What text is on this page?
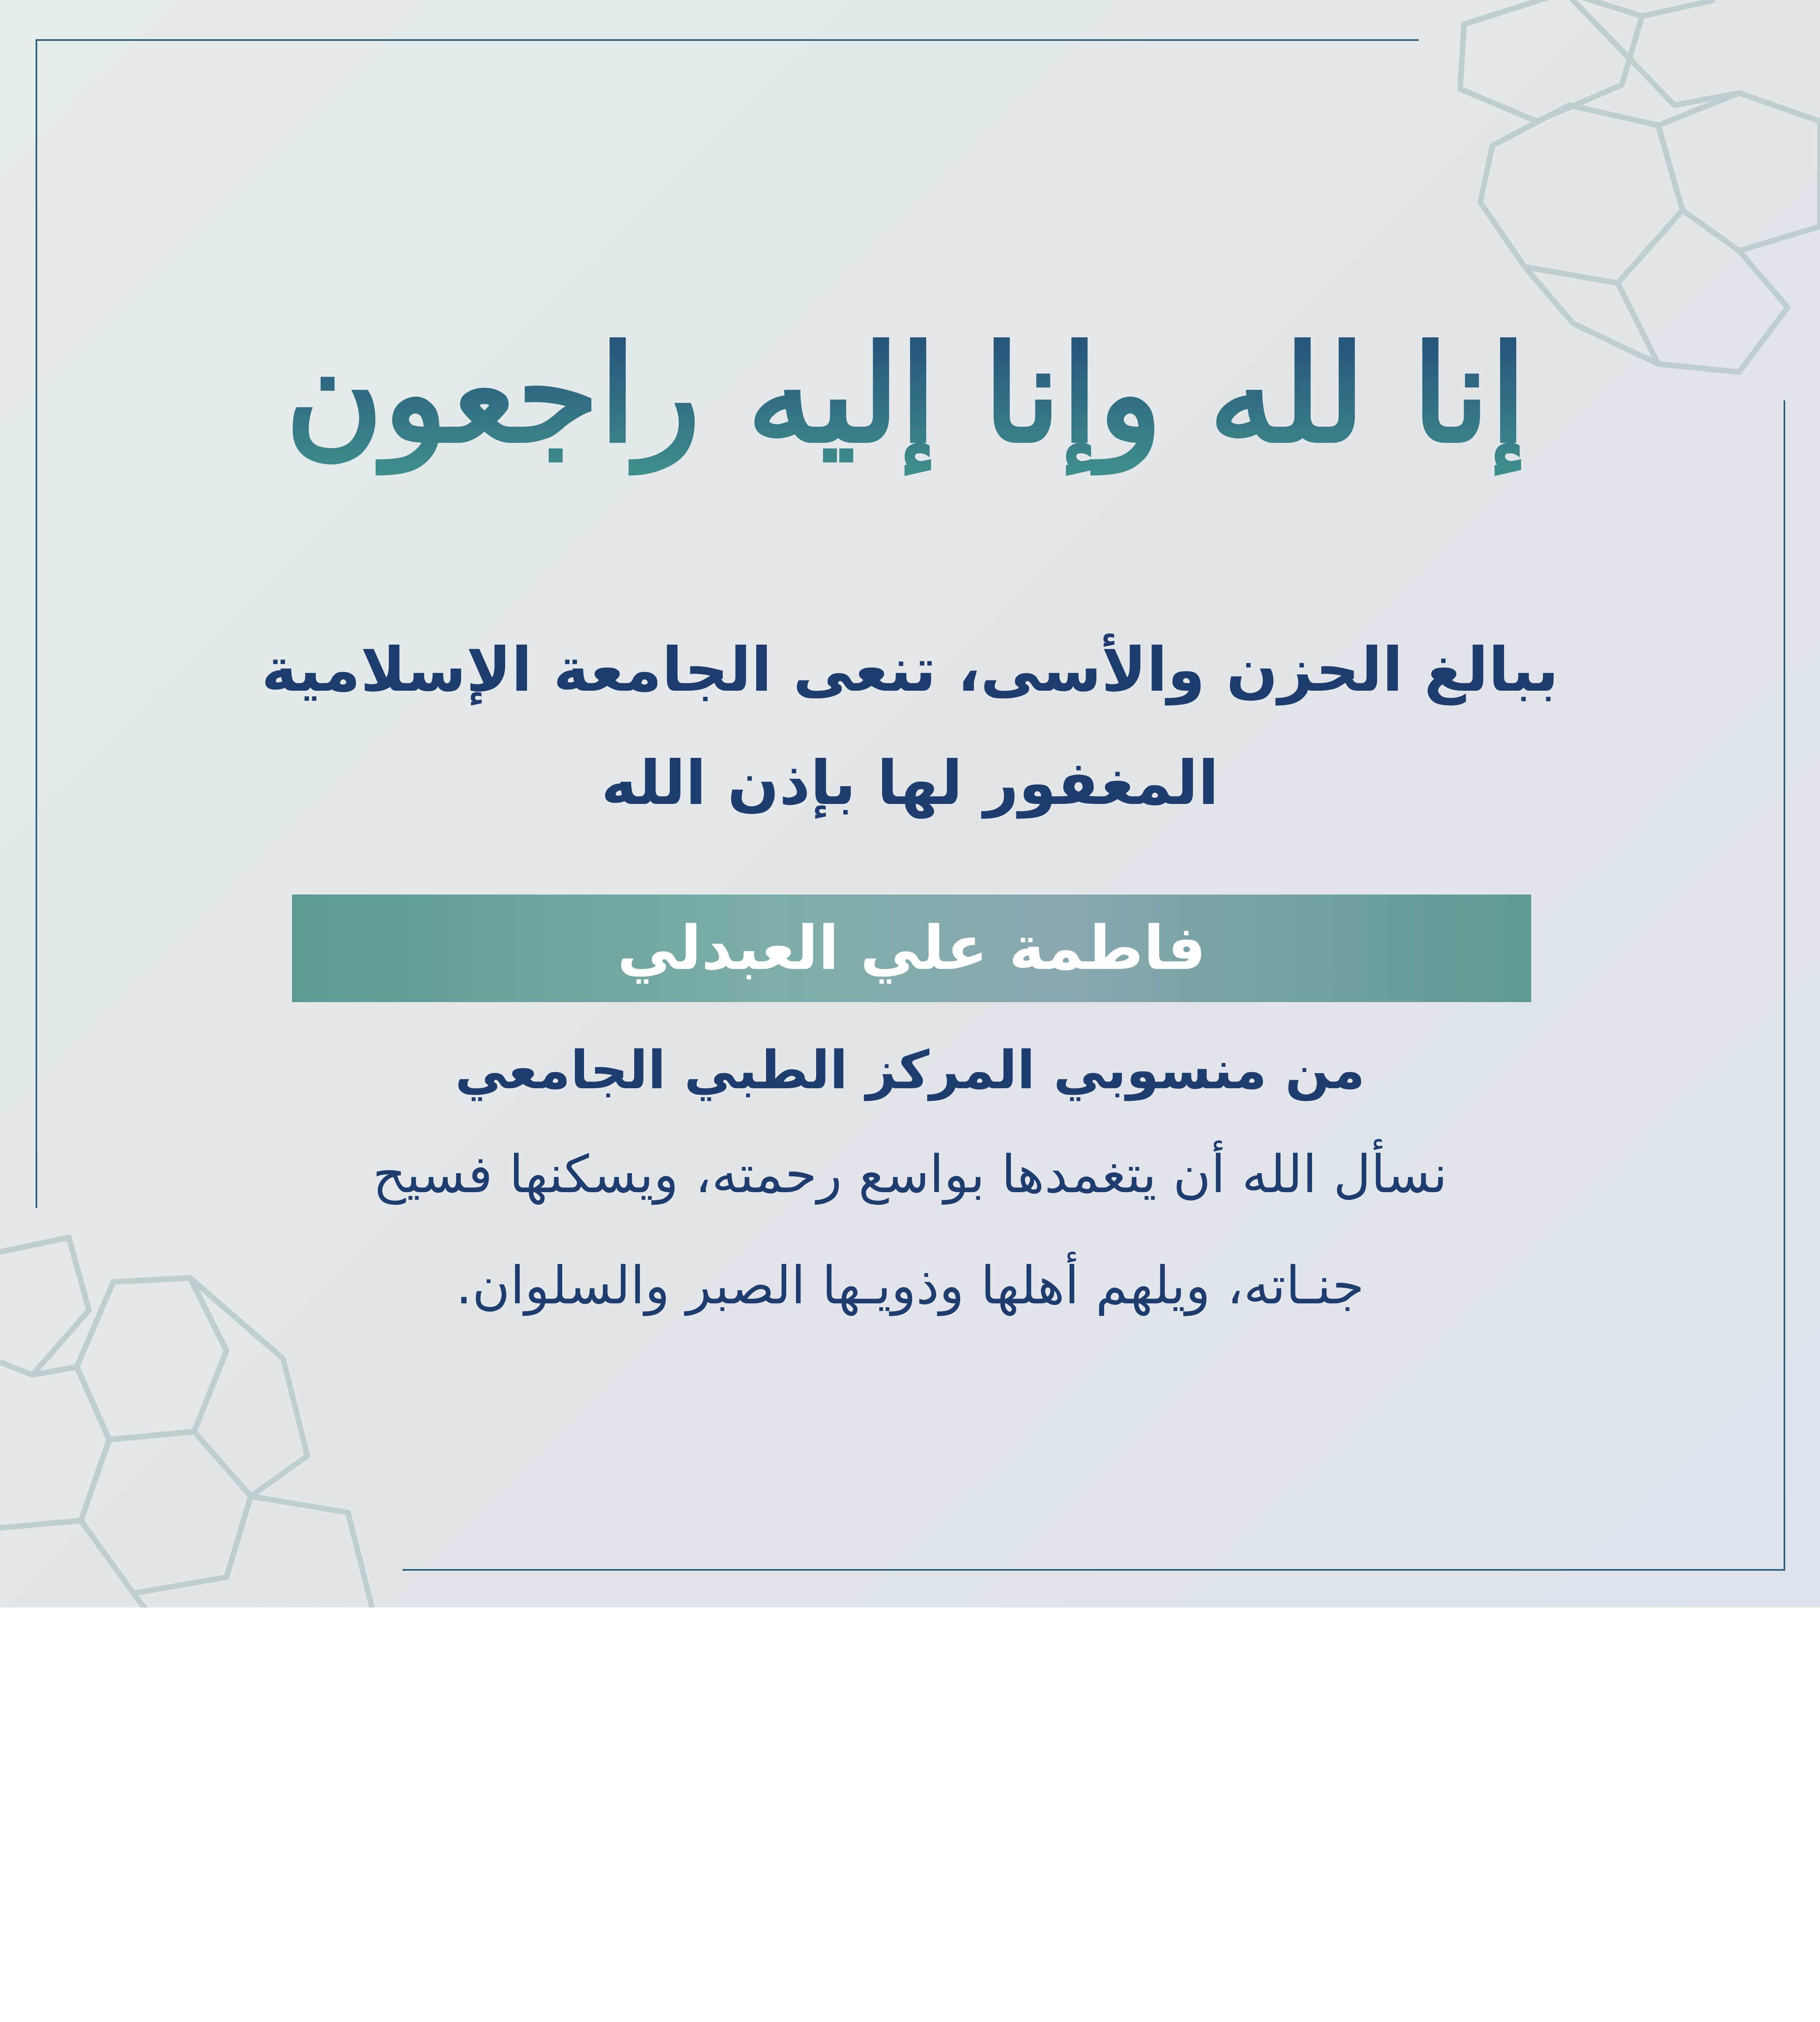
إنا لله وإنا إليه راجعون
ببالغ الحزن والأسى، تنعى الجامعة الإسلامية
المغفور لها بإذن الله
فاطمة علي العبدلي
من منسوبي المركز الطبي الجامعي
نسأل الله أن يتغمدها بواسع رحمته، ويسكنها فسيح
جنـاته، ويلهم أهلها وذويـها الصبر والسلوان.
